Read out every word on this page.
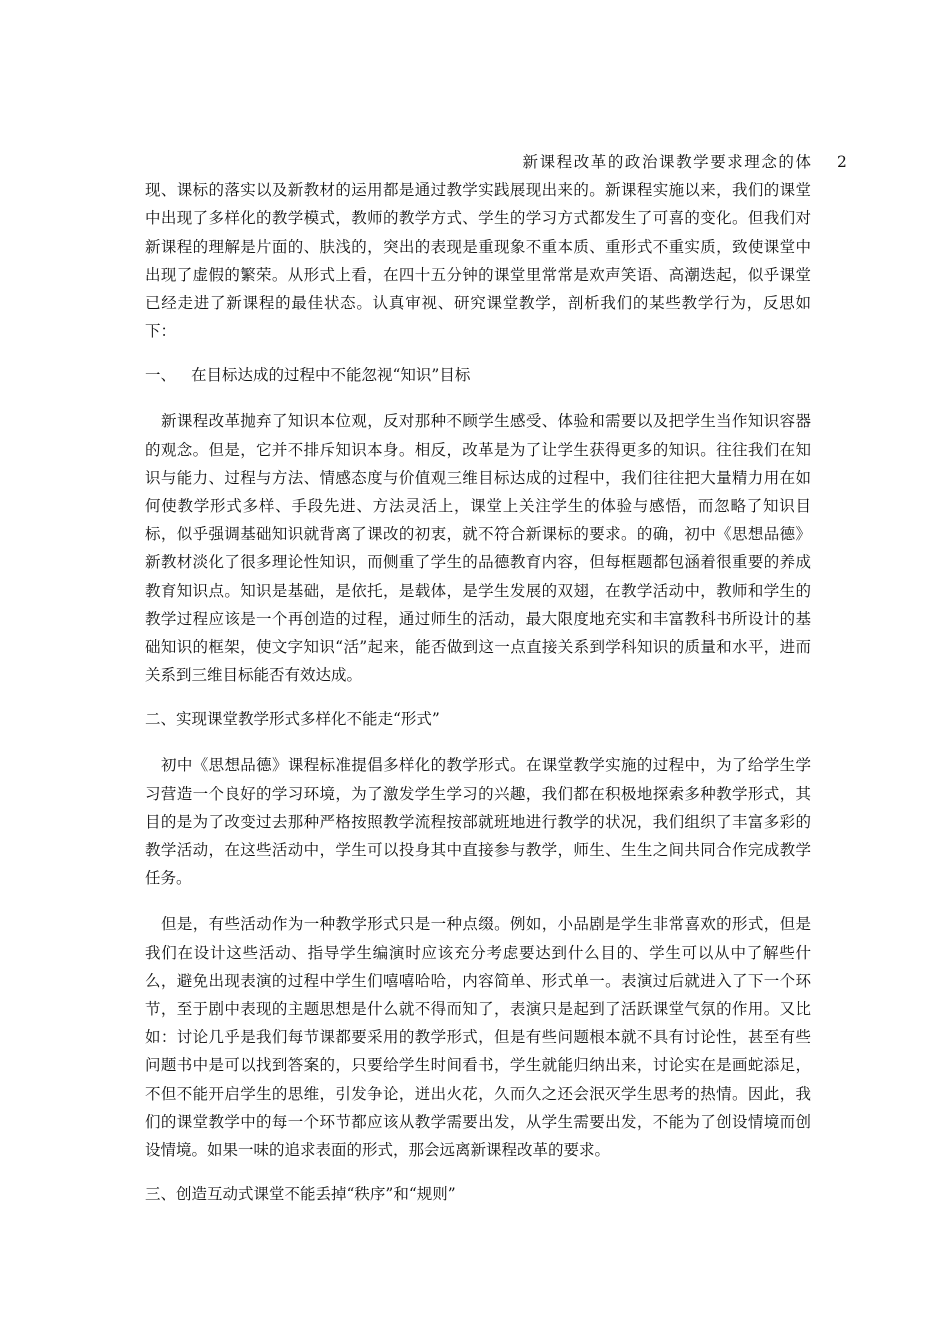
2新课程改革的政治课教学要求理念的体现、课标的落实以及新教材的运用都是通过教学实践展现出来的。新课程实施以来，我们的课堂中出现了多样化的教学模式，教师的教学方式、学生的学习方式都发生了可喜的变化。但我们对新课程的理解是片面的、肤浅的，突出的表现是重现象不重本质、重形式不重实质，致使课堂中出现了虚假的繁荣。从形式上看，在四十五分钟的课堂里常常是欢声笑语、高潮迭起，似乎课堂已经走进了新课程的最佳状态。认真审视、研究课堂教学，剖析我们的某些教学行为，反思如下：

一、 在目标达成的过程中不能忽视“知识”目标

新课程改革抛弃了知识本位观，反对那种不顾学生感受、体验和需要以及把学生当作知识容器的观念。但是，它并不排斥知识本身。相反，改革是为了让学生获得更多的知识。往往我们在知识与能力、过程与方法、情感态度与价值观三维目标达成的过程中，我们往往把大量精力用在如何使教学形式多样、手段先进、方法灵活上，课堂上关注学生的体验与感悟，而忽略了知识目标，似乎强调基础知识就背离了课改的初衷，就不符合新课标的要求。的确，初中《思想品德》新教材淡化了很多理论性知识，而侧重了学生的品德教育内容，但每框题都包涵着很重要的养成教育知识点。知识是基础，是依托，是载体，是学生发展的双翅，在教学活动中，教师和学生的教学过程应该是一个再创造的过程，通过师生的活动，最大限度地充实和丰富教科书所设计的基础知识的框架，使文字知识“活”起来，能否做到这一点直接关系到学科知识的质量和水平，进而关系到三维目标能否有效达成。

二、实现课堂教学形式多样化不能走“形式”

初中《思想品德》课程标准提倡多样化的教学形式。在课堂教学实施的过程中，为了给学生学习营造一个良好的学习环境，为了激发学生学习的兴趣，我们都在积极地探索多种教学形式，其目的是为了改变过去那种严格按照教学流程按部就班地进行教学的状况，我们组织了丰富多彩的教学活动，在这些活动中，学生可以投身其中直接参与教学，师生、生生之间共同合作完成教学任务。

但是，有些活动作为一种教学形式只是一种点缀。例如，小品剧是学生非常喜欢的形式，但是我们在设计这些活动、指导学生编演时应该充分考虑要达到什么目的、学生可以从中了解些什么，避免出现表演的过程中学生们嘻嘻哈哈，内容简单、形式单一。表演过后就进入了下一个环节，至于剧中表现的主题思想是什么就不得而知了，表演只是起到了活跃课堂气氛的作用。又比如：讨论几乎是我们每节课都要采用的教学形式，但是有些问题根本就不具有讨论性，甚至有些问题书中是可以找到答案的，只要给学生时间看书，学生就能归纳出来，讨论实在是画蛇添足，不但不能开启学生的思维，引发争论，迸出火花，久而久之还会泯灭学生思考的热情。因此，我们的课堂教学中的每一个环节都应该从教学需要出发，从学生需要出发，不能为了创设情境而创设情境。如果一味的追求表面的形式，那会远离新课程改革的要求。

三、创造互动式课堂不能丢掉“秩序”和“规则”
